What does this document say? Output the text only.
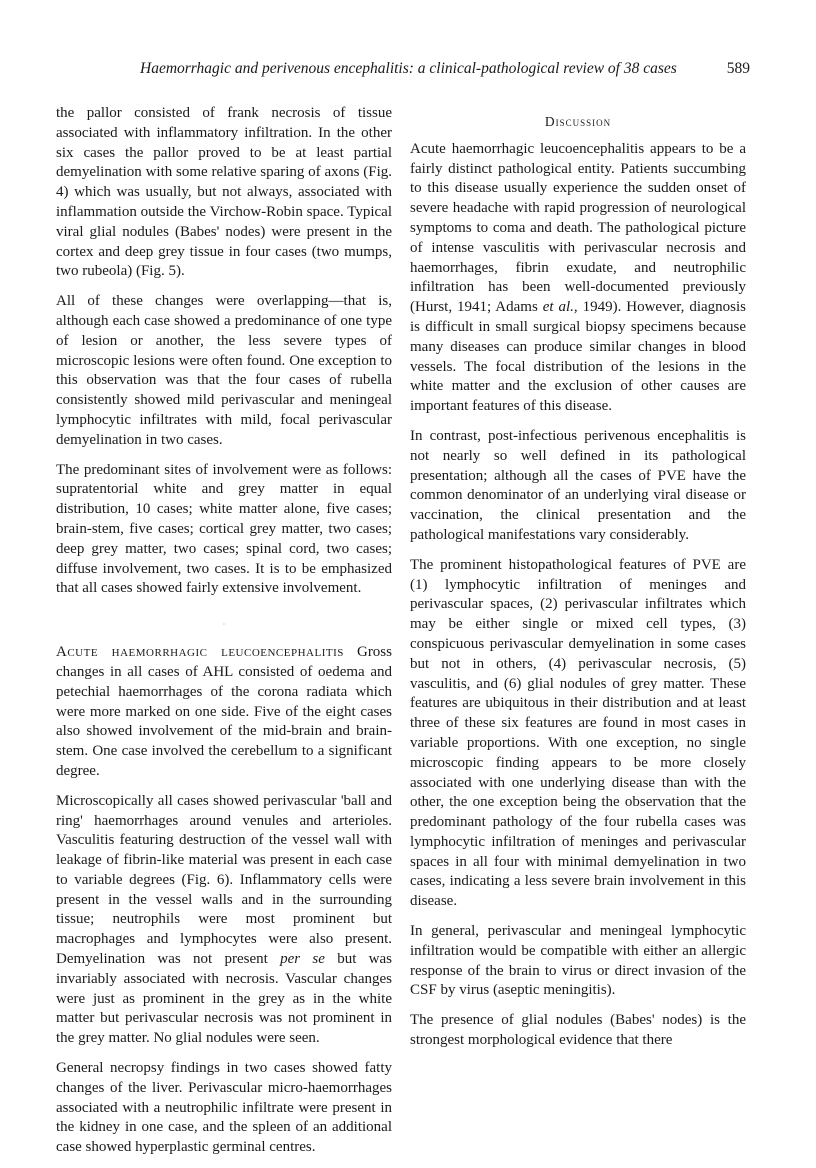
Haemorrhagic and perivenous encephalitis: a clinical-pathological review of 38 cases	589

the pallor consisted of frank necrosis of tissue associated with inflammatory infiltration. In the other six cases the pallor proved to be at least partial demyelination with some relative sparing of axons (Fig. 4) which was usually, but not always, associated with inflammation outside the Virchow-Robin space. Typical viral glial nodules (Babes' nodes) were present in the cortex and deep grey tissue in four cases (two mumps, two rubeola) (Fig. 5).

All of these changes were overlapping—that is, although each case showed a predominance of one type of lesion or another, the less severe types of microscopic lesions were often found. One exception to this observation was that the four cases of rubella consistently showed mild perivascular and meningeal lymphocytic infiltrates with mild, focal perivascular demyelination in two cases.

The predominant sites of involvement were as follows: supratentorial white and grey matter in equal distribution, 10 cases; white matter alone, five cases; brain-stem, five cases; cortical grey matter, two cases; deep grey matter, two cases; spinal cord, two cases; diffuse involvement, two cases. It is to be emphasized that all cases showed fairly extensive involvement.

·

Acute haemorrhagic leucoencephalitis Gross changes in all cases of AHL consisted of oedema and petechial haemorrhages of the corona radiata which were more marked on one side. Five of the eight cases also showed involvement of the mid-brain and brain-stem. One case involved the cerebellum to a significant degree.

Microscopically all cases showed perivascular 'ball and ring' haemorrhages around venules and arterioles. Vasculitis featuring destruction of the vessel wall with leakage of fibrin-like material was present in each case to variable degrees (Fig. 6). Inflammatory cells were present in the vessel walls and in the surrounding tissue; neutrophils were most prominent but macrophages and lymphocytes were also present. Demyelination was not present per se but was invariably associated with necrosis. Vascular changes were just as prominent in the grey as in the white matter but perivascular necrosis was not prominent in the grey matter. No glial nodules were seen.

General necropsy findings in two cases showed fatty changes of the liver. Perivascular micro-haemorrhages associated with a neutrophilic infiltrate were present in the kidney in one case, and the spleen of an additional case showed hyperplastic germinal centres.

Discussion

Acute haemorrhagic leucoencephalitis appears to be a fairly distinct pathological entity. Patients succumbing to this disease usually experience the sudden onset of severe headache with rapid progression of neurological symptoms to coma and death. The pathological picture of intense vasculitis with perivascular necrosis and haemorrhages, fibrin exudate, and neutrophilic infiltration has been well-documented previously (Hurst, 1941; Adams et al., 1949). However, diagnosis is difficult in small surgical biopsy specimens because many diseases can produce similar changes in blood vessels. The focal distribution of the lesions in the white matter and the exclusion of other causes are important features of this disease.

In contrast, post-infectious perivenous encephalitis is not nearly so well defined in its pathological presentation; although all the cases of PVE have the common denominator of an underlying viral disease or vaccination, the clinical presentation and the pathological manifestations vary considerably.

The prominent histopathological features of PVE are (1) lymphocytic infiltration of meninges and perivascular spaces, (2) perivascular infiltrates which may be either single or mixed cell types, (3) conspicuous perivascular demyelination in some cases but not in others, (4) perivascular necrosis, (5) vasculitis, and (6) glial nodules of grey matter. These features are ubiquitous in their distribution and at least three of these six features are found in most cases in variable proportions. With one exception, no single microscopic finding appears to be more closely associated with one underlying disease than with the other, the one exception being the observation that the predominant pathology of the four rubella cases was lymphocytic infiltration of meninges and perivascular spaces in all four with minimal demyelination in two cases, indicating a less severe brain involvement in this disease.

In general, perivascular and meningeal lymphocytic infiltration would be compatible with either an allergic response of the brain to virus or direct invasion of the CSF by virus (aseptic meningitis).

The presence of glial nodules (Babes' nodes) is the strongest morphological evidence that there
